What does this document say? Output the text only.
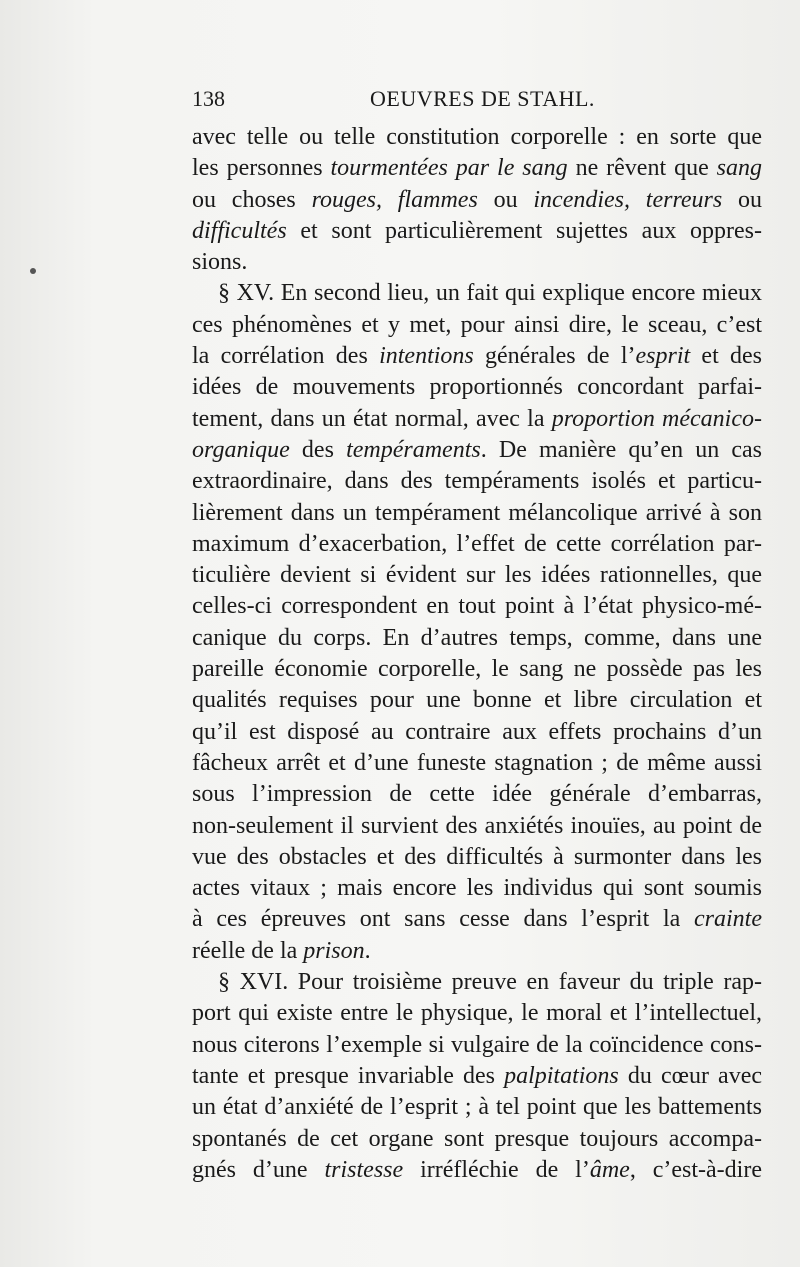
138	OEUVRES DE STAHL.
avec telle ou telle constitution corporelle : en sorte que
les personnes tourmentées par le sang ne rêvent que sang
ou choses rouges, flammes ou incendies, terreurs ou
difficultés et sont particulièrement sujettes aux oppres-
sions.
§ XV. En second lieu, un fait qui explique encore mieux
ces phénomènes et y met, pour ainsi dire, le sceau, c’est
la corrélation des intentions générales de l’esprit et des
idées de mouvements proportionnés concordant parfai-
tement, dans un état normal, avec la proportion mécanico-
organique des tempéraments. De manière qu’en un cas
extraordinaire, dans des tempéraments isolés et particu-
lièrement dans un tempérament mélancolique arrivé à son
maximum d’exacerbation, l’effet de cette corrélation par-
ticulière devient si évident sur les idées rationnelles, que
celles-ci correspondent en tout point à l’état physico-mé-
canique du corps. En d’autres temps, comme, dans une
pareille économie corporelle, le sang ne possède pas les
qualités requises pour une bonne et libre circulation et
qu’il est disposé au contraire aux effets prochains d’un
fâcheux arrêt et d’une funeste stagnation ; de même aussi
sous l’impression de cette idée générale d’embarras,
non-seulement il survient des anxiétés inouïes, au point de
vue des obstacles et des difficultés à surmonter dans les
actes vitaux ; mais encore les individus qui sont soumis
à ces épreuves ont sans cesse dans l’esprit la crainte
réelle de la prison.
§ XVI. Pour troisième preuve en faveur du triple rap-
port qui existe entre le physique, le moral et l’intellectuel,
nous citerons l’exemple si vulgaire de la coïncidence cons-
tante et presque invariable des palpitations du cœur avec
un état d’anxiété de l’esprit ; à tel point que les battements
spontanés de cet organe sont presque toujours accompa-
gnés d’une tristesse irréfléchie de l’âme, c’est-à-dire
